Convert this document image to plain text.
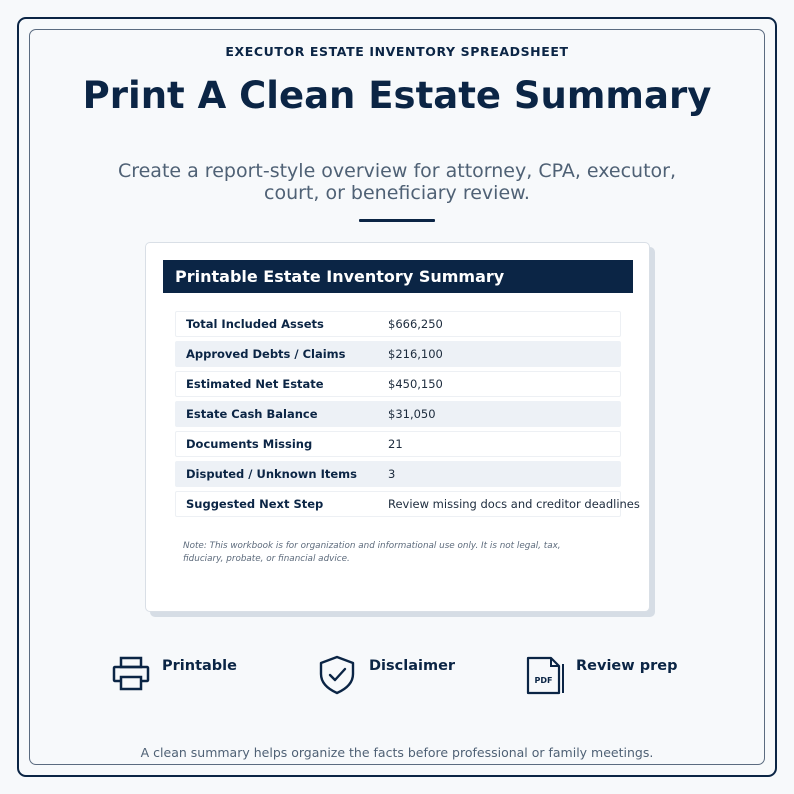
EXECUTOR ESTATE INVENTORY SPREADSHEET
Print A Clean Estate Summary
Create a report-style overview for attorney, CPA, executor, court, or beneficiary review.
Printable Estate Inventory Summary
Total Included Assets	$666,250
Approved Debts / Claims	$216,100
Estimated Net Estate	$450,150
Estate Cash Balance	$31,050
Documents Missing	21
Disputed / Unknown Items	3
Suggested Next Step	Review missing docs and creditor deadlines
Note: This workbook is for organization and informational use only. It is not legal, tax, fiduciary, probate, or financial advice.
Printable	Disclaimer
PDF
Review prep
A clean summary helps organize the facts before professional or family meetings.
